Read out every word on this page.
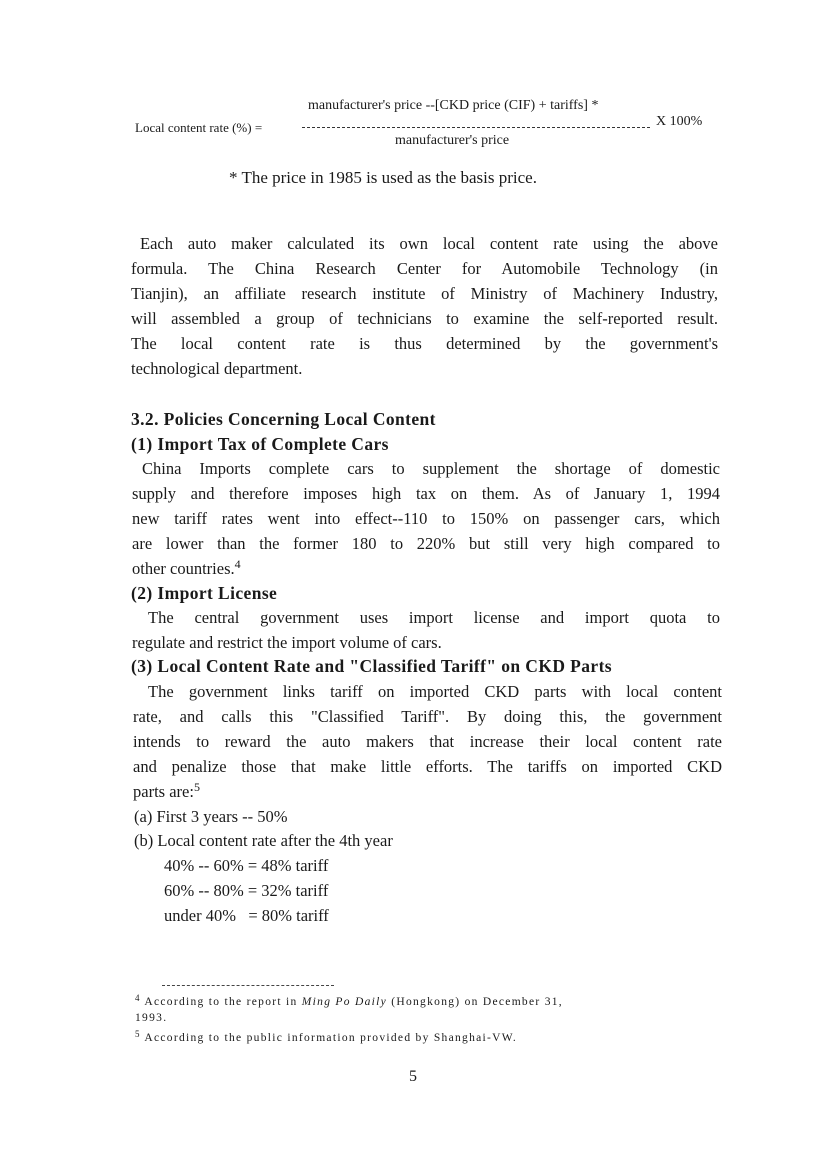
manufacturer's price --[CKD price (CIF) + tariffs] *
Local content rate (%) =	X 100%
manufacturer's price
* The price in 1985 is used as the basis price.
Each auto maker calculated its own local content rate using the above
formula. The China Research Center for Automobile Technology (in
Tianjin), an affiliate research institute of Ministry of Machinery Industry,
will assembled a group of technicians to examine the self-reported result.
The local content rate is thus determined by the government's
technological department.
3.2. Policies Concerning Local Content
(1) Import Tax of Complete Cars
China Imports complete cars to supplement the shortage of domestic
supply and therefore imposes high tax on them. As of January 1, 1994
new tariff rates went into effect--110 to 150% on passenger cars, which
are lower than the former 180 to 220% but still very high compared to
other countries.$^4$
(2) Import License
The central government uses import license and import quota to
regulate and restrict the import volume of cars.
(3) Local Content Rate and "Classified Tariff" on CKD Parts
The government links tariff on imported CKD parts with local content
rate, and calls this "Classified Tariff". By doing this, the government
intends to reward the auto makers that increase their local content rate
and penalize those that make little efforts. The tariffs on imported CKD
parts are:$^5$
(a) First 3 years -- 50%
(b) Local content rate after the 4th year
40% -- 60% = 48% tariff
60% -- 80% = 32% tariff
under 40%   = 80% tariff
$^4$ According to the report in Ming Po Daily (Hongkong) on December 31,
1993.
$^5$ According to the public information provided by Shanghai-VW.
5
